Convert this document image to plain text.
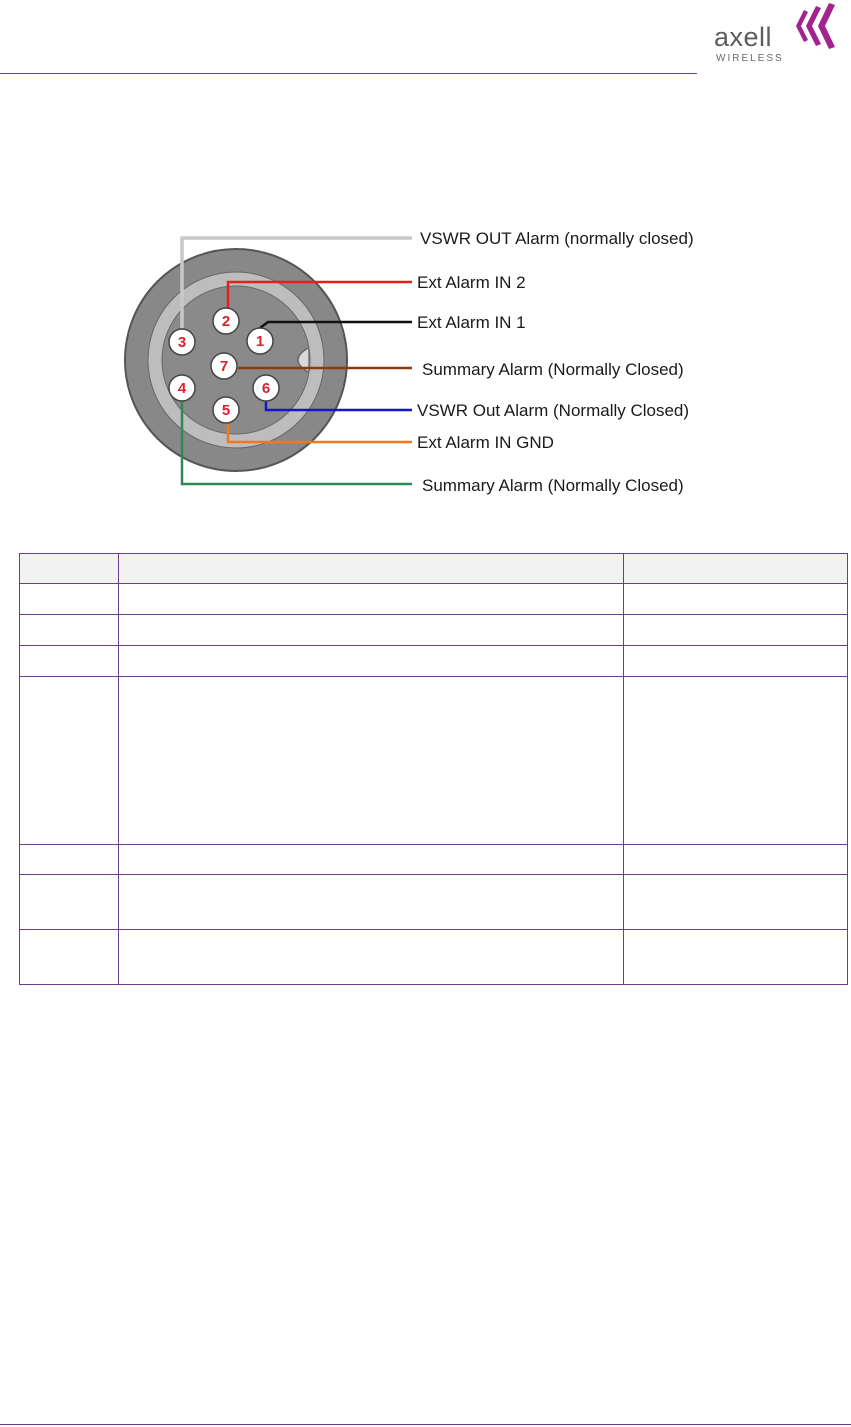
axell
WIRELESS
1
2
3
4
5
6
7
VSWR OUT Alarm (normally closed)
Ext Alarm IN 2
Ext Alarm IN 1
Summary Alarm (Normally Closed)
VSWR Out Alarm (Normally Closed)
Ext Alarm IN GND
Summary Alarm (Normally Closed)
